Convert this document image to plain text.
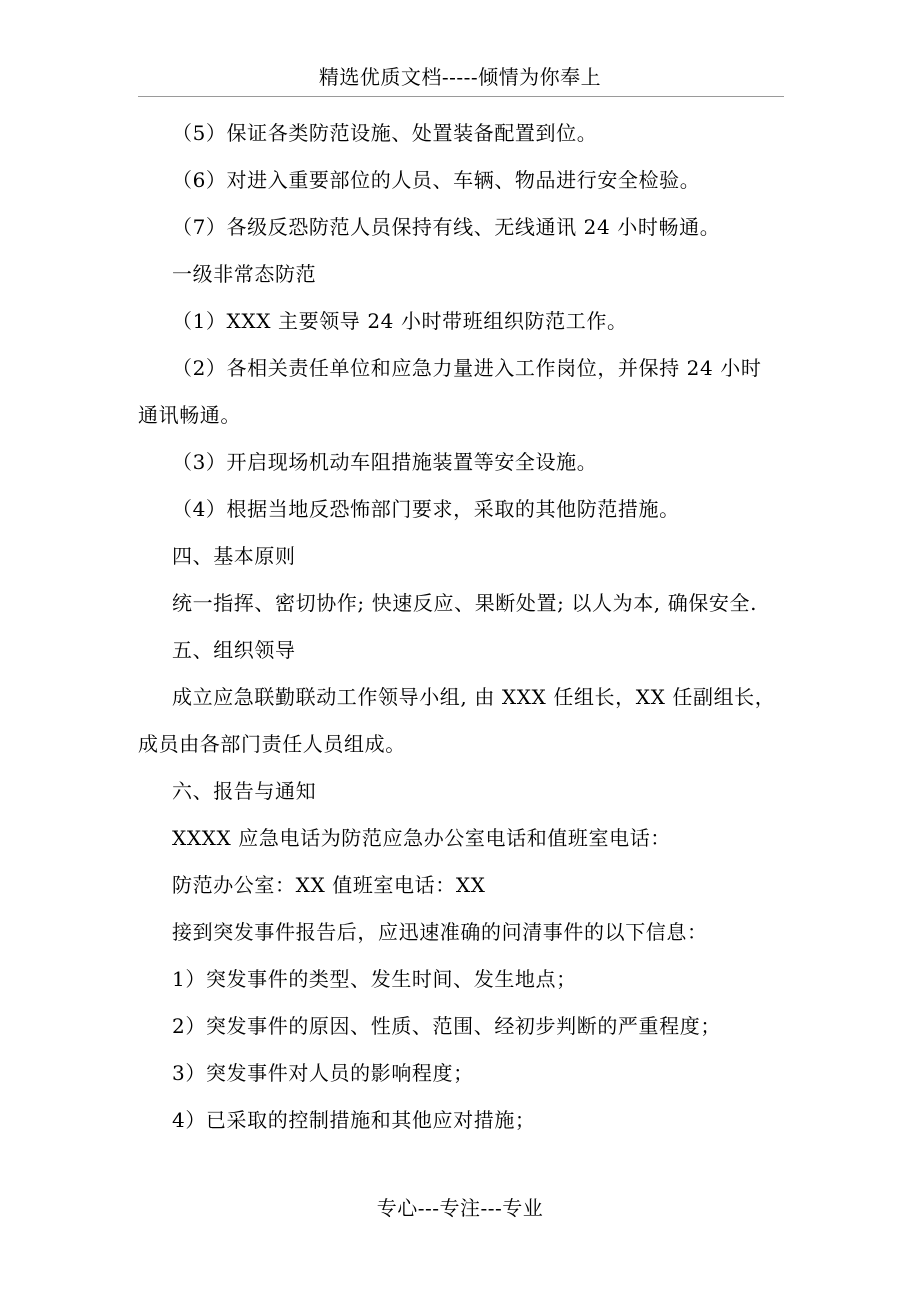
精选优质文档-----倾情为你奉上
（5）保证各类防范设施、处置装备配置到位。
（6）对进入重要部位的人员、车辆、物品进行安全检验。
（7）各级反恐防范人员保持有线、无线通讯 24 小时畅通。
一级非常态防范
（1）XXX 主要领导 24 小时带班组织防范工作。
（2）各相关责任单位和应急力量进入工作岗位，并保持 24 小时
通讯畅通。
（3）开启现场机动车阻措施装置等安全设施。
（4）根据当地反恐怖部门要求，采取的其他防范措施。
四、基本原则
统一指挥、密切协作; 快速反应、果断处置; 以人为本, 确保安全.
五、组织领导
成立应急联勤联动工作领导小组, 由 XXX 任组长，XX 任副组长，
成员由各部门责任人员组成。
六、报告与通知
XXXX 应急电话为防范应急办公室电话和值班室电话：
防范办公室：XX 值班室电话：XX
接到突发事件报告后，应迅速准确的问清事件的以下信息：
1）突发事件的类型、发生时间、发生地点；
2）突发事件的原因、性质、范围、经初步判断的严重程度；
3）突发事件对人员的影响程度；
4）已采取的控制措施和其他应对措施；
专心---专注---专业
